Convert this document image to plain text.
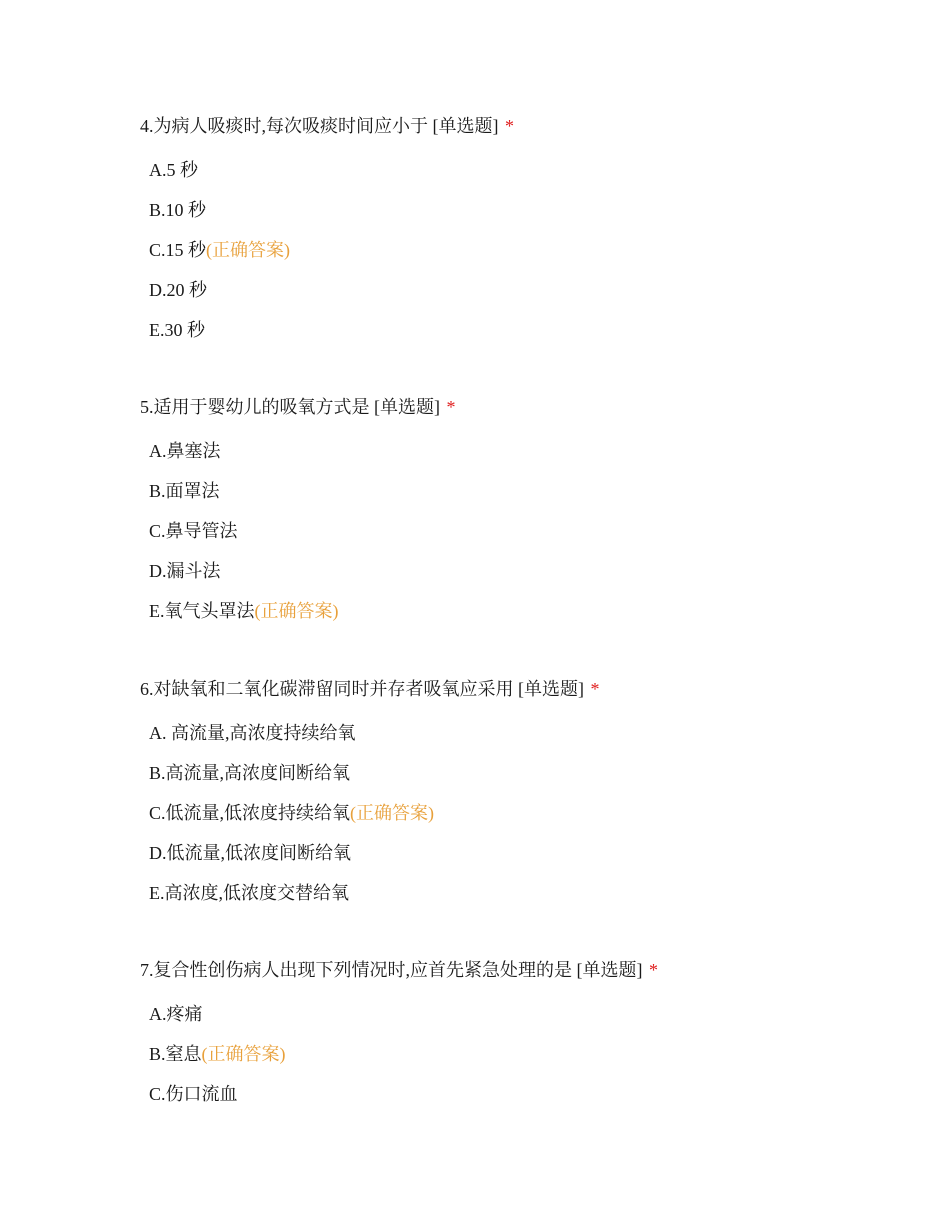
4.为病人吸痰时,每次吸痰时间应小于 [单选题] *
A.5 秒
B.10 秒
C.15 秒(正确答案)
D.20 秒
E.30 秒
5.适用于婴幼儿的吸氧方式是 [单选题] *
A.鼻塞法
B.面罩法
C.鼻导管法
D.漏斗法
E.氧气头罩法(正确答案)
6.对缺氧和二氧化碳滞留同时并存者吸氧应采用 [单选题] *
A. 高流量,高浓度持续给氧
B.高流量,高浓度间断给氧
C.低流量,低浓度持续给氧(正确答案)
D.低流量,低浓度间断给氧
E.高浓度,低浓度交替给氧
7.复合性创伤病人出现下列情况时,应首先紧急处理的是 [单选题] *
A.疼痛
B.窒息(正确答案)
C.伤口流血
